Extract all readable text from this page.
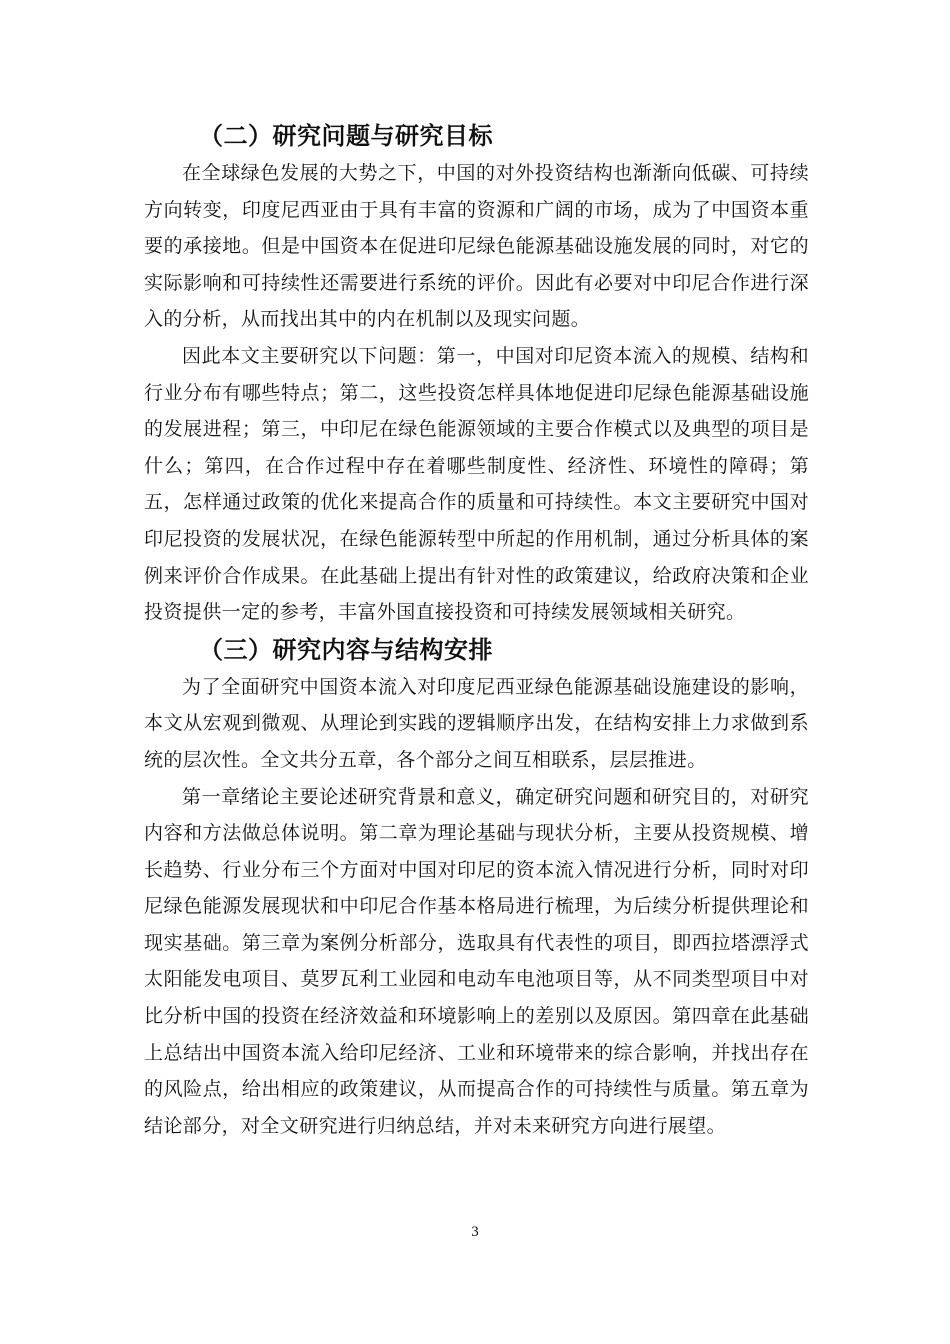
（二）研究问题与研究目标

在全球绿色发展的大势之下，中国的对外投资结构也渐渐向低碳、可持续方向转变，印度尼西亚由于具有丰富的资源和广阔的市场，成为了中国资本重要的承接地。但是中国资本在促进印尼绿色能源基础设施发展的同时，对它的实际影响和可持续性还需要进行系统的评价。因此有必要对中印尼合作进行深入的分析，从而找出其中的内在机制以及现实问题。

因此本文主要研究以下问题：第一，中国对印尼资本流入的规模、结构和行业分布有哪些特点；第二，这些投资怎样具体地促进印尼绿色能源基础设施的发展进程；第三，中印尼在绿色能源领域的主要合作模式以及典型的项目是什么；第四，在合作过程中存在着哪些制度性、经济性、环境性的障碍；第五，怎样通过政策的优化来提高合作的质量和可持续性。本文主要研究中国对印尼投资的发展状况，在绿色能源转型中所起的作用机制，通过分析具体的案例来评价合作成果。在此基础上提出有针对性的政策建议，给政府决策和企业投资提供一定的参考，丰富外国直接投资和可持续发展领域相关研究。

（三）研究内容与结构安排

为了全面研究中国资本流入对印度尼西亚绿色能源基础设施建设的影响，本文从宏观到微观、从理论到实践的逻辑顺序出发，在结构安排上力求做到系统的层次性。全文共分五章，各个部分之间互相联系，层层推进。

第一章绪论主要论述研究背景和意义，确定研究问题和研究目的，对研究内容和方法做总体说明。第二章为理论基础与现状分析，主要从投资规模、增长趋势、行业分布三个方面对中国对印尼的资本流入情况进行分析，同时对印尼绿色能源发展现状和中印尼合作基本格局进行梳理，为后续分析提供理论和现实基础。第三章为案例分析部分，选取具有代表性的项目，即西拉塔漂浮式太阳能发电项目、莫罗瓦利工业园和电动车电池项目等，从不同类型项目中对比分析中国的投资在经济效益和环境影响上的差别以及原因。第四章在此基础上总结出中国资本流入给印尼经济、工业和环境带来的综合影响，并找出存在的风险点，给出相应的政策建议，从而提高合作的可持续性与质量。第五章为结论部分，对全文研究进行归纳总结，并对未来研究方向进行展望。

3
